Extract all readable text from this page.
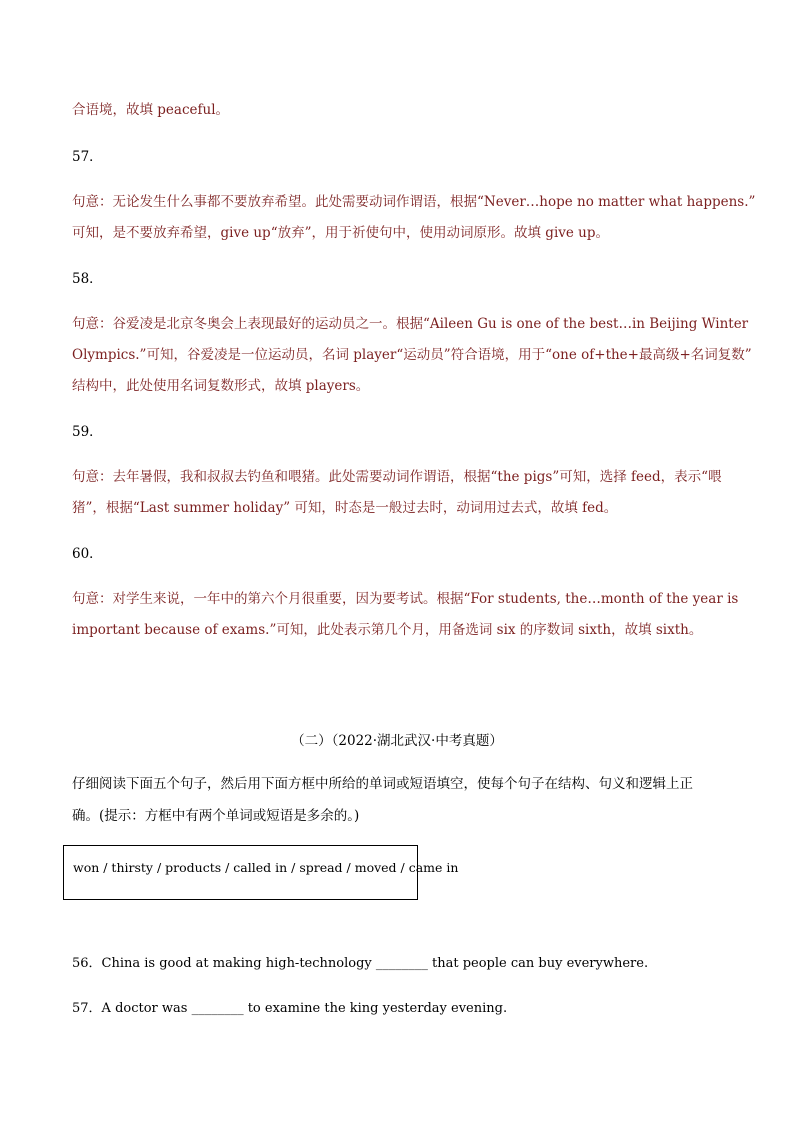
合语境，故填 peaceful。
57．
句意：无论发生什么事都不要放弃希望。此处需要动词作谓语，根据“Never…hope no matter what happens.”
可知，是不要放弃希望，give up“放弃”，用于祈使句中，使用动词原形。故填 give up。
58．
句意：谷爱凌是北京冬奥会上表现最好的运动员之一。根据“Aileen Gu is one of the best…in Beijing Winter
Olympics.”可知，谷爱凌是一位运动员，名词 player“运动员”符合语境，用于“one of+the+最高级+名词复数”
结构中，此处使用名词复数形式，故填 players。
59．
句意：去年暑假，我和叔叔去钓鱼和喂猪。此处需要动词作谓语，根据“the pigs”可知，选择 feed，表示“喂
猪”，根据“Last summer holiday” 可知，时态是一般过去时，动词用过去式，故填 fed。
60．
句意：对学生来说，一年中的第六个月很重要，因为要考试。根据“For students, the…month of the year is
important because of exams.”可知，此处表示第几个月，用备选词 six 的序数词 sixth，故填 sixth。
（二）（2022·湖北武汉·中考真题）
仔细阅读下面五个句子，然后用下面方框中所给的单词或短语填空，使每个句子在结构、句义和逻辑上正
确。(提示：方框中有两个单词或短语是多余的。)
won / thirsty / products / called in / spread / moved / came in
56．China is good at making high-technology ________ that people can buy everywhere.
57．A doctor was ________ to examine the king yesterday evening.
